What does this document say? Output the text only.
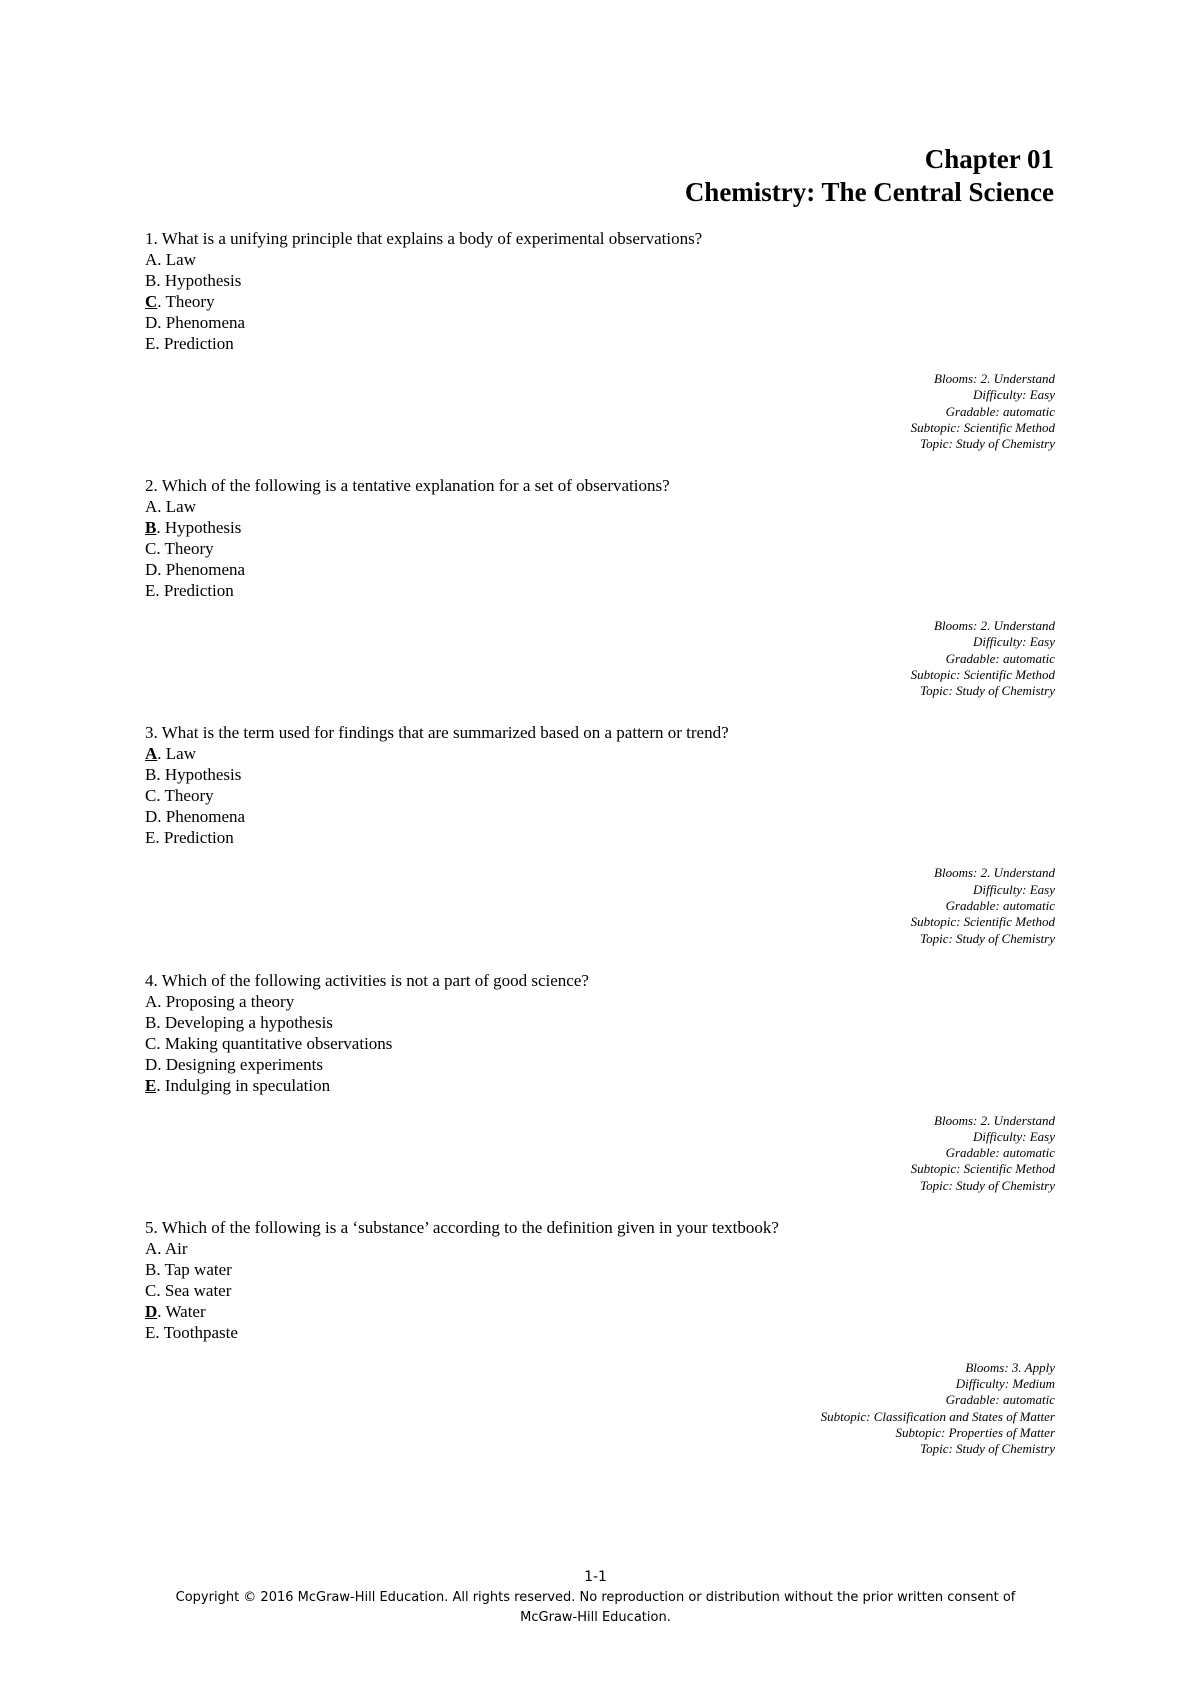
Chapter 01
Chemistry: The Central Science
1. What is a unifying principle that explains a body of experimental observations?
A. Law
B. Hypothesis
C. Theory
D. Phenomena
E. Prediction
Blooms: 2. Understand
Difficulty: Easy
Gradable: automatic
Subtopic: Scientific Method
Topic: Study of Chemistry
2. Which of the following is a tentative explanation for a set of observations?
A. Law
B. Hypothesis
C. Theory
D. Phenomena
E. Prediction
Blooms: 2. Understand
Difficulty: Easy
Gradable: automatic
Subtopic: Scientific Method
Topic: Study of Chemistry
3. What is the term used for findings that are summarized based on a pattern or trend?
A. Law
B. Hypothesis
C. Theory
D. Phenomena
E. Prediction
Blooms: 2. Understand
Difficulty: Easy
Gradable: automatic
Subtopic: Scientific Method
Topic: Study of Chemistry
4. Which of the following activities is not a part of good science?
A. Proposing a theory
B. Developing a hypothesis
C. Making quantitative observations
D. Designing experiments
E. Indulging in speculation
Blooms: 2. Understand
Difficulty: Easy
Gradable: automatic
Subtopic: Scientific Method
Topic: Study of Chemistry
5. Which of the following is a ‘substance’ according to the definition given in your textbook?
A. Air
B. Tap water
C. Sea water
D. Water
E. Toothpaste
Blooms: 3. Apply
Difficulty: Medium
Gradable: automatic
Subtopic: Classification and States of Matter
Subtopic: Properties of Matter
Topic: Study of Chemistry
1-1
Copyright © 2016 McGraw-Hill Education. All rights reserved. No reproduction or distribution without the prior written consent of
McGraw-Hill Education.
